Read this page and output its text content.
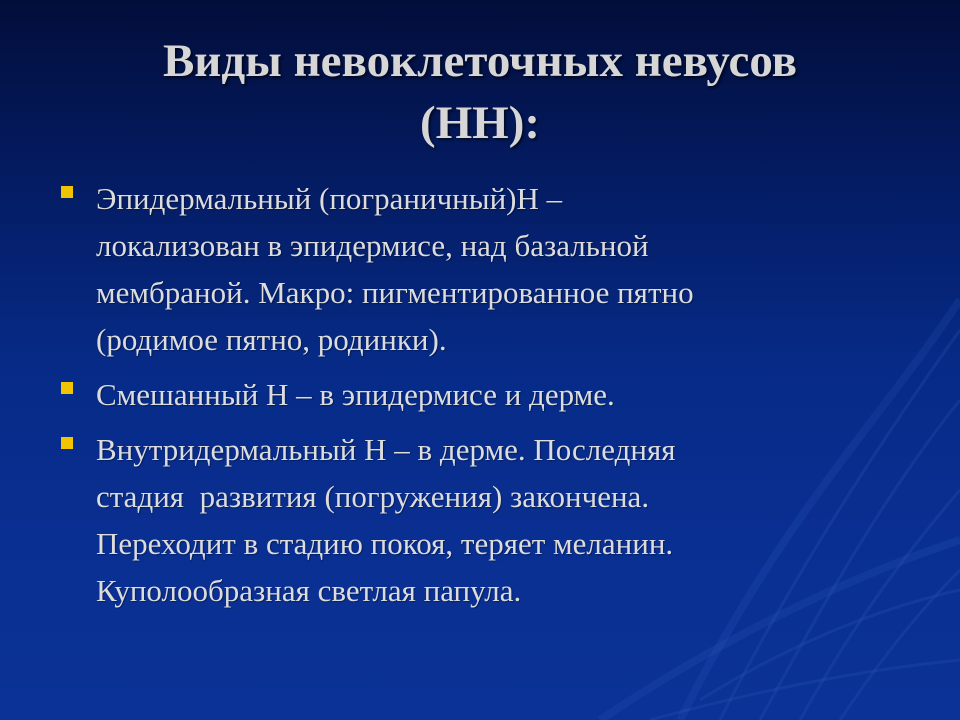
Виды невоклеточных невусов
(НН):
Эпидермальный (пограничный)Н –
локализован в эпидермисе, над базальной
мембраной. Макро: пигментированное пятно
(родимое пятно, родинки).
Смешанный Н – в эпидермисе и дерме.
Внутридермальный Н – в дерме. Последняя
стадия  развития (погружения) закончена.
Переходит в стадию покоя, теряет меланин.
Куполообразная светлая папула.
